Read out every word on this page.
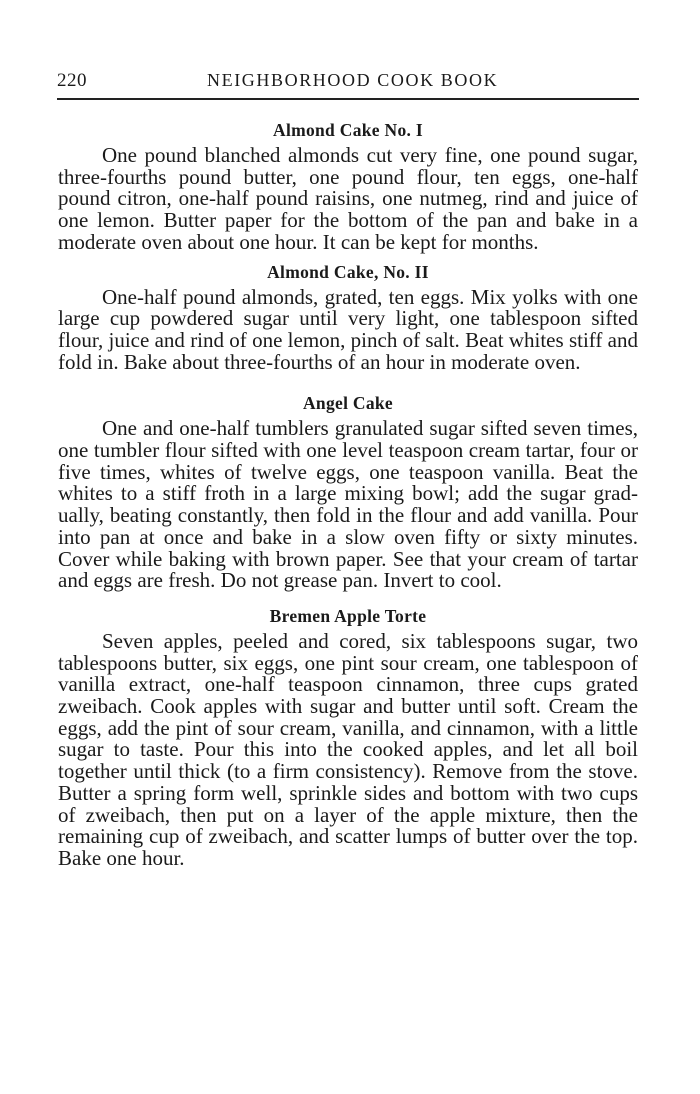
220	NEIGHBORHOOD COOK BOOK
Almond Cake No. I

One pound blanched almonds cut very fine, one pound sugar, three-fourths pound butter, one pound flour, ten eggs, one-half pound citron, one-half pound raisins, one nutmeg, rind and juice of one lemon. Butter paper for the bottom of the pan and bake in a moderate oven about one hour. It can be kept for months.

Almond Cake, No. II

One-half pound almonds, grated, ten eggs. Mix yolks with one large cup powdered sugar until very light, one tablespoon sifted flour, juice and rind of one lemon, pinch of salt. Beat whites stiff and fold in. Bake about three-fourths of an hour in moderate oven.

Angel Cake

One and one-half tumblers granulated sugar sifted seven times, one tumbler flour sifted with one level teaspoon cream tartar, four or five times, whites of twelve eggs, one teaspoon vanilla. Beat the whites to a stiff froth in a large mixing bowl; add the sugar gradually, beating constantly, then fold in the flour and add vanilla. Pour into pan at once and bake in a slow oven fifty or sixty minutes. Cover while baking with brown paper. See that your cream of tartar and eggs are fresh. Do not grease pan. Invert to cool.

Bremen Apple Torte

Seven apples, peeled and cored, six tablespoons sugar, two tablespoons butter, six eggs, one pint sour cream, one tablespoon of vanilla extract, one-half teaspoon cinnamon, three cups grated zweibach. Cook apples with sugar and butter until soft. Cream the eggs, add the pint of sour cream, vanilla, and cinnamon, with a little sugar to taste. Pour this into the cooked apples, and let all boil together until thick (to a firm consistency). Remove from the stove. Butter a spring form well, sprinkle sides and bottom with two cups of zweibach, then put on a layer of the apple mixture, then the remaining cup of zweibach, and scatter lumps of butter over the top. Bake one hour.
